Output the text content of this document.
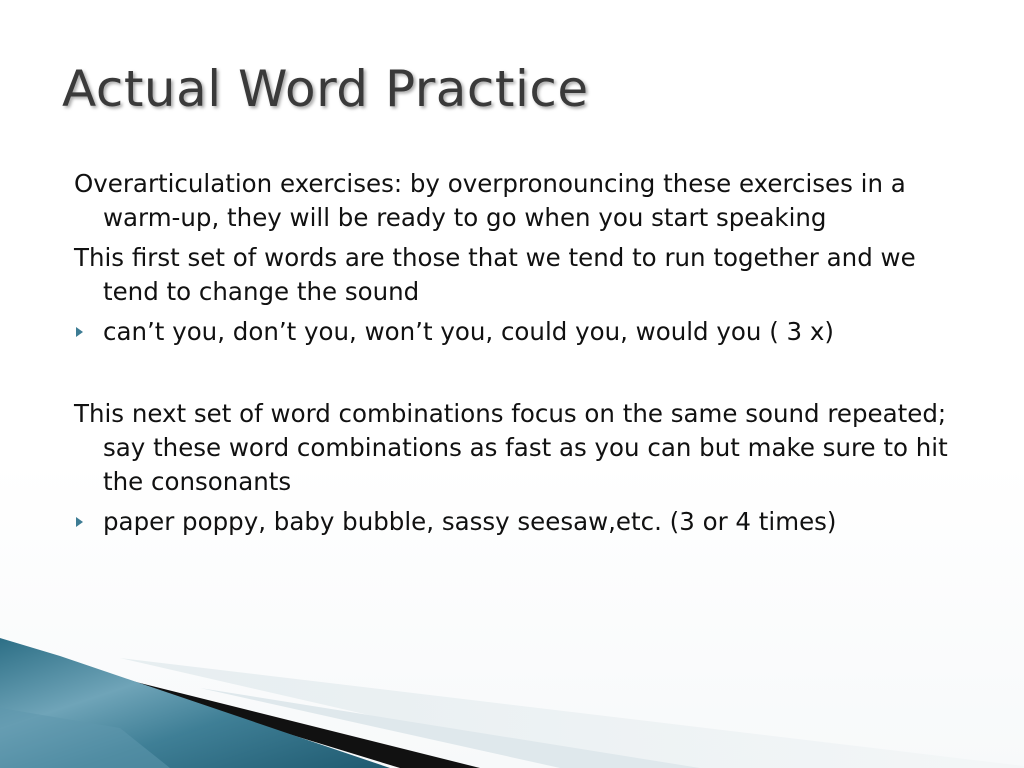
Actual Word Practice

Overarticulation exercises: by overpronouncing these exercises in a warm-up, they will be ready to go when you start speaking

This first set of words are those that we tend to run together and we tend to change the sound

can’t you, don’t you, won’t you, could you, would you ( 3 x)

This next set of word combinations focus on the same sound repeated; say these word combinations as fast as you can but make sure to hit the consonants

paper poppy, baby bubble, sassy seesaw,etc. (3 or 4 times)
